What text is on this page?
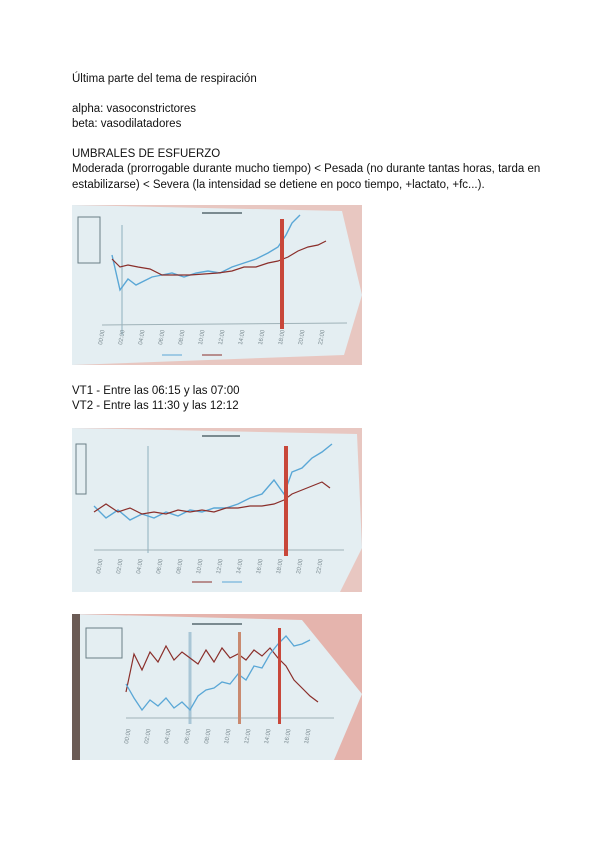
Última parte del tema de respiración

alpha: vasoconstrictores

beta: vasodilatadores

UMBRALES DE ESFUERZO

Moderada (prorrogable durante mucho tiempo) < Pesada (no durante tantas horas, tarda en estabilizarse) < Severa (la intensidad se detiene en poco tiempo, +lactato, +fc...).

00:00 02:00 04:00 06:00 08:00 10:00 12:00 14:00 16:00 18:00 20:00 22:00

VT1 - Entre las 06:15 y las 07:00

VT2 - Entre las 11:30 y las 12:12

00:00 02:00 04:00 06:00 08:00 10:00 12:00 14:00 16:00 18:00 20:00 22:00
00:00 02:00 04:00 06:00 08:00 10:00 12:00 14:00 16:00 18:00
